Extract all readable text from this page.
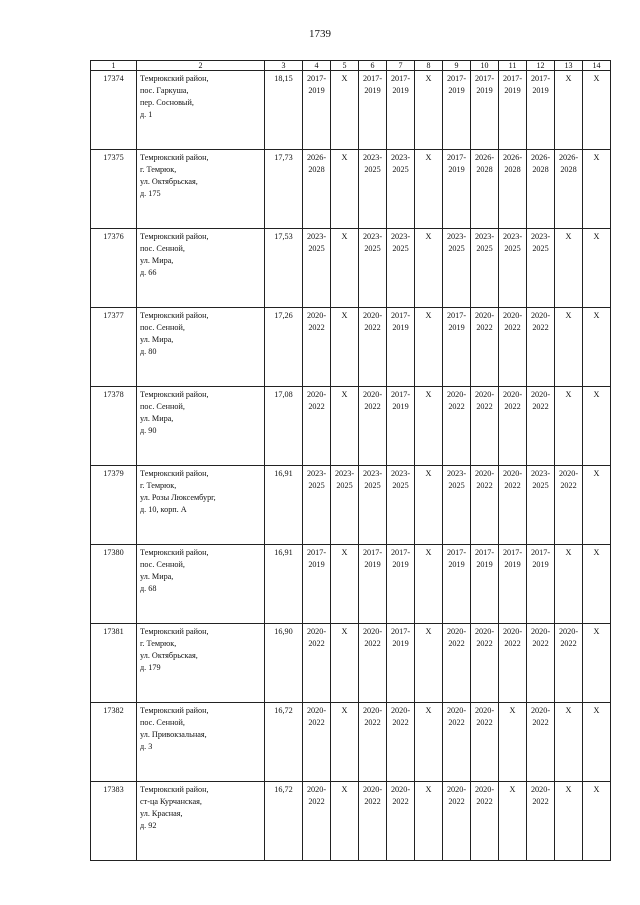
1739
1	2	3	4	5	6	7	8	9	10	11	12	13	14
17374	Темрюкский район,
пос. Гаркуша,
пер. Сосновый,
д. 1	18,15	2017-2019	X	2017-2019	2017-2019	X	2017-2019	2017-2019	2017-2019	2017-2019	X	X
17375	Темрюкский район,
г. Темрюк,
ул. Октябрьская,
д. 175	17,73	2026-2028	X	2023-2025	2023-2025	X	2017-2019	2026-2028	2026-2028	2026-2028	2026-2028	X
17376	Темрюкский район,
пос. Сенной,
ул. Мира,
д. 66	17,53	2023-2025	X	2023-2025	2023-2025	X	2023-2025	2023-2025	2023-2025	2023-2025	X	X
17377	Темрюкский район,
пос. Сенной,
ул. Мира,
д. 80	17,26	2020-2022	X	2020-2022	2017-2019	X	2017-2019	2020-2022	2020-2022	2020-2022	X	X
17378	Темрюкский район,
пос. Сенной,
ул. Мира,
д. 90	17,08	2020-2022	X	2020-2022	2017-2019	X	2020-2022	2020-2022	2020-2022	2020-2022	X	X
17379	Темрюкский район,
г. Темрюк,
ул. Розы Люксембург,
д. 10, корп. А	16,91	2023-2025	2023-2025	2023-2025	2023-2025	X	2023-2025	2020-2022	2020-2022	2023-2025	2020-2022	X
17380	Темрюкский район,
пос. Сенной,
ул. Мира,
д. 68	16,91	2017-2019	X	2017-2019	2017-2019	X	2017-2019	2017-2019	2017-2019	2017-2019	X	X
17381	Темрюкский район,
г. Темрюк,
ул. Октябрьская,
д. 179	16,90	2020-2022	X	2020-2022	2017-2019	X	2020-2022	2020-2022	2020-2022	2020-2022	2020-2022	X
17382	Темрюкский район,
пос. Сенной,
ул. Привокзальная,
д. 3	16,72	2020-2022	X	2020-2022	2020-2022	X	2020-2022	2020-2022	X	2020-2022	X	X
17383	Темрюкский район,
ст-ца Курчанская,
ул. Красная,
д. 92	16,72	2020-2022	X	2020-2022	2020-2022	X	2020-2022	2020-2022	X	2020-2022	X	X
